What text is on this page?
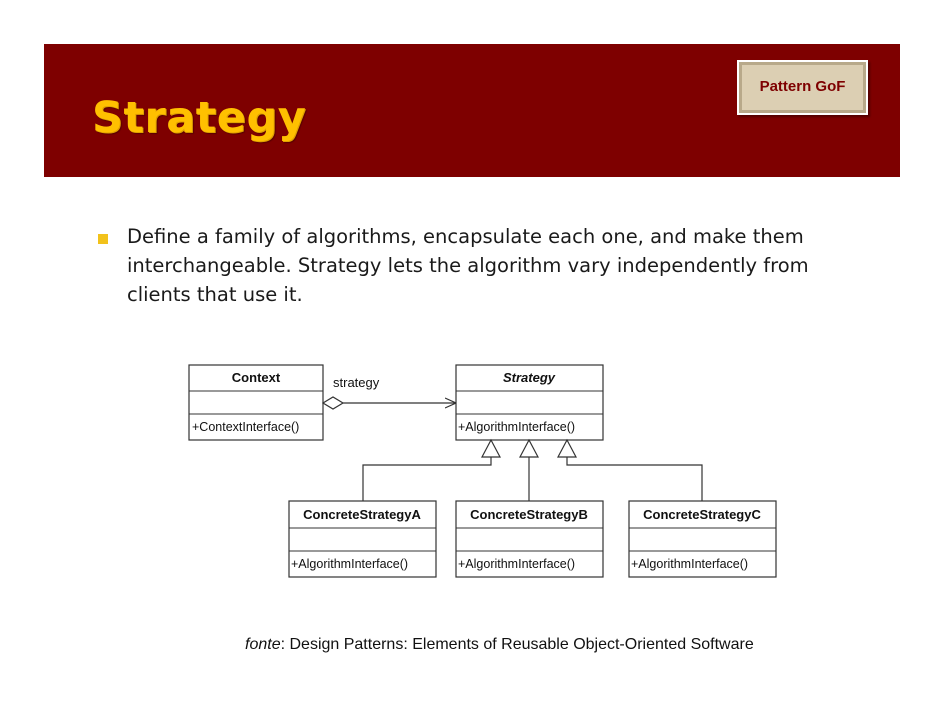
Strategy
Pattern GoF
Define a family of algorithms, encapsulate each one, and make them interchangeable. Strategy lets the algorithm vary independently from clients that use it.
Context
+ContextInterface()
strategy	Strategy
+AlgorithmInterface()
ConcreteStrategyA
+AlgorithmInterface()
ConcreteStrategyB
+AlgorithmInterface()
ConcreteStrategyC
+AlgorithmInterface()
fonte: Design Patterns: Elements of Reusable Object-Oriented Software
